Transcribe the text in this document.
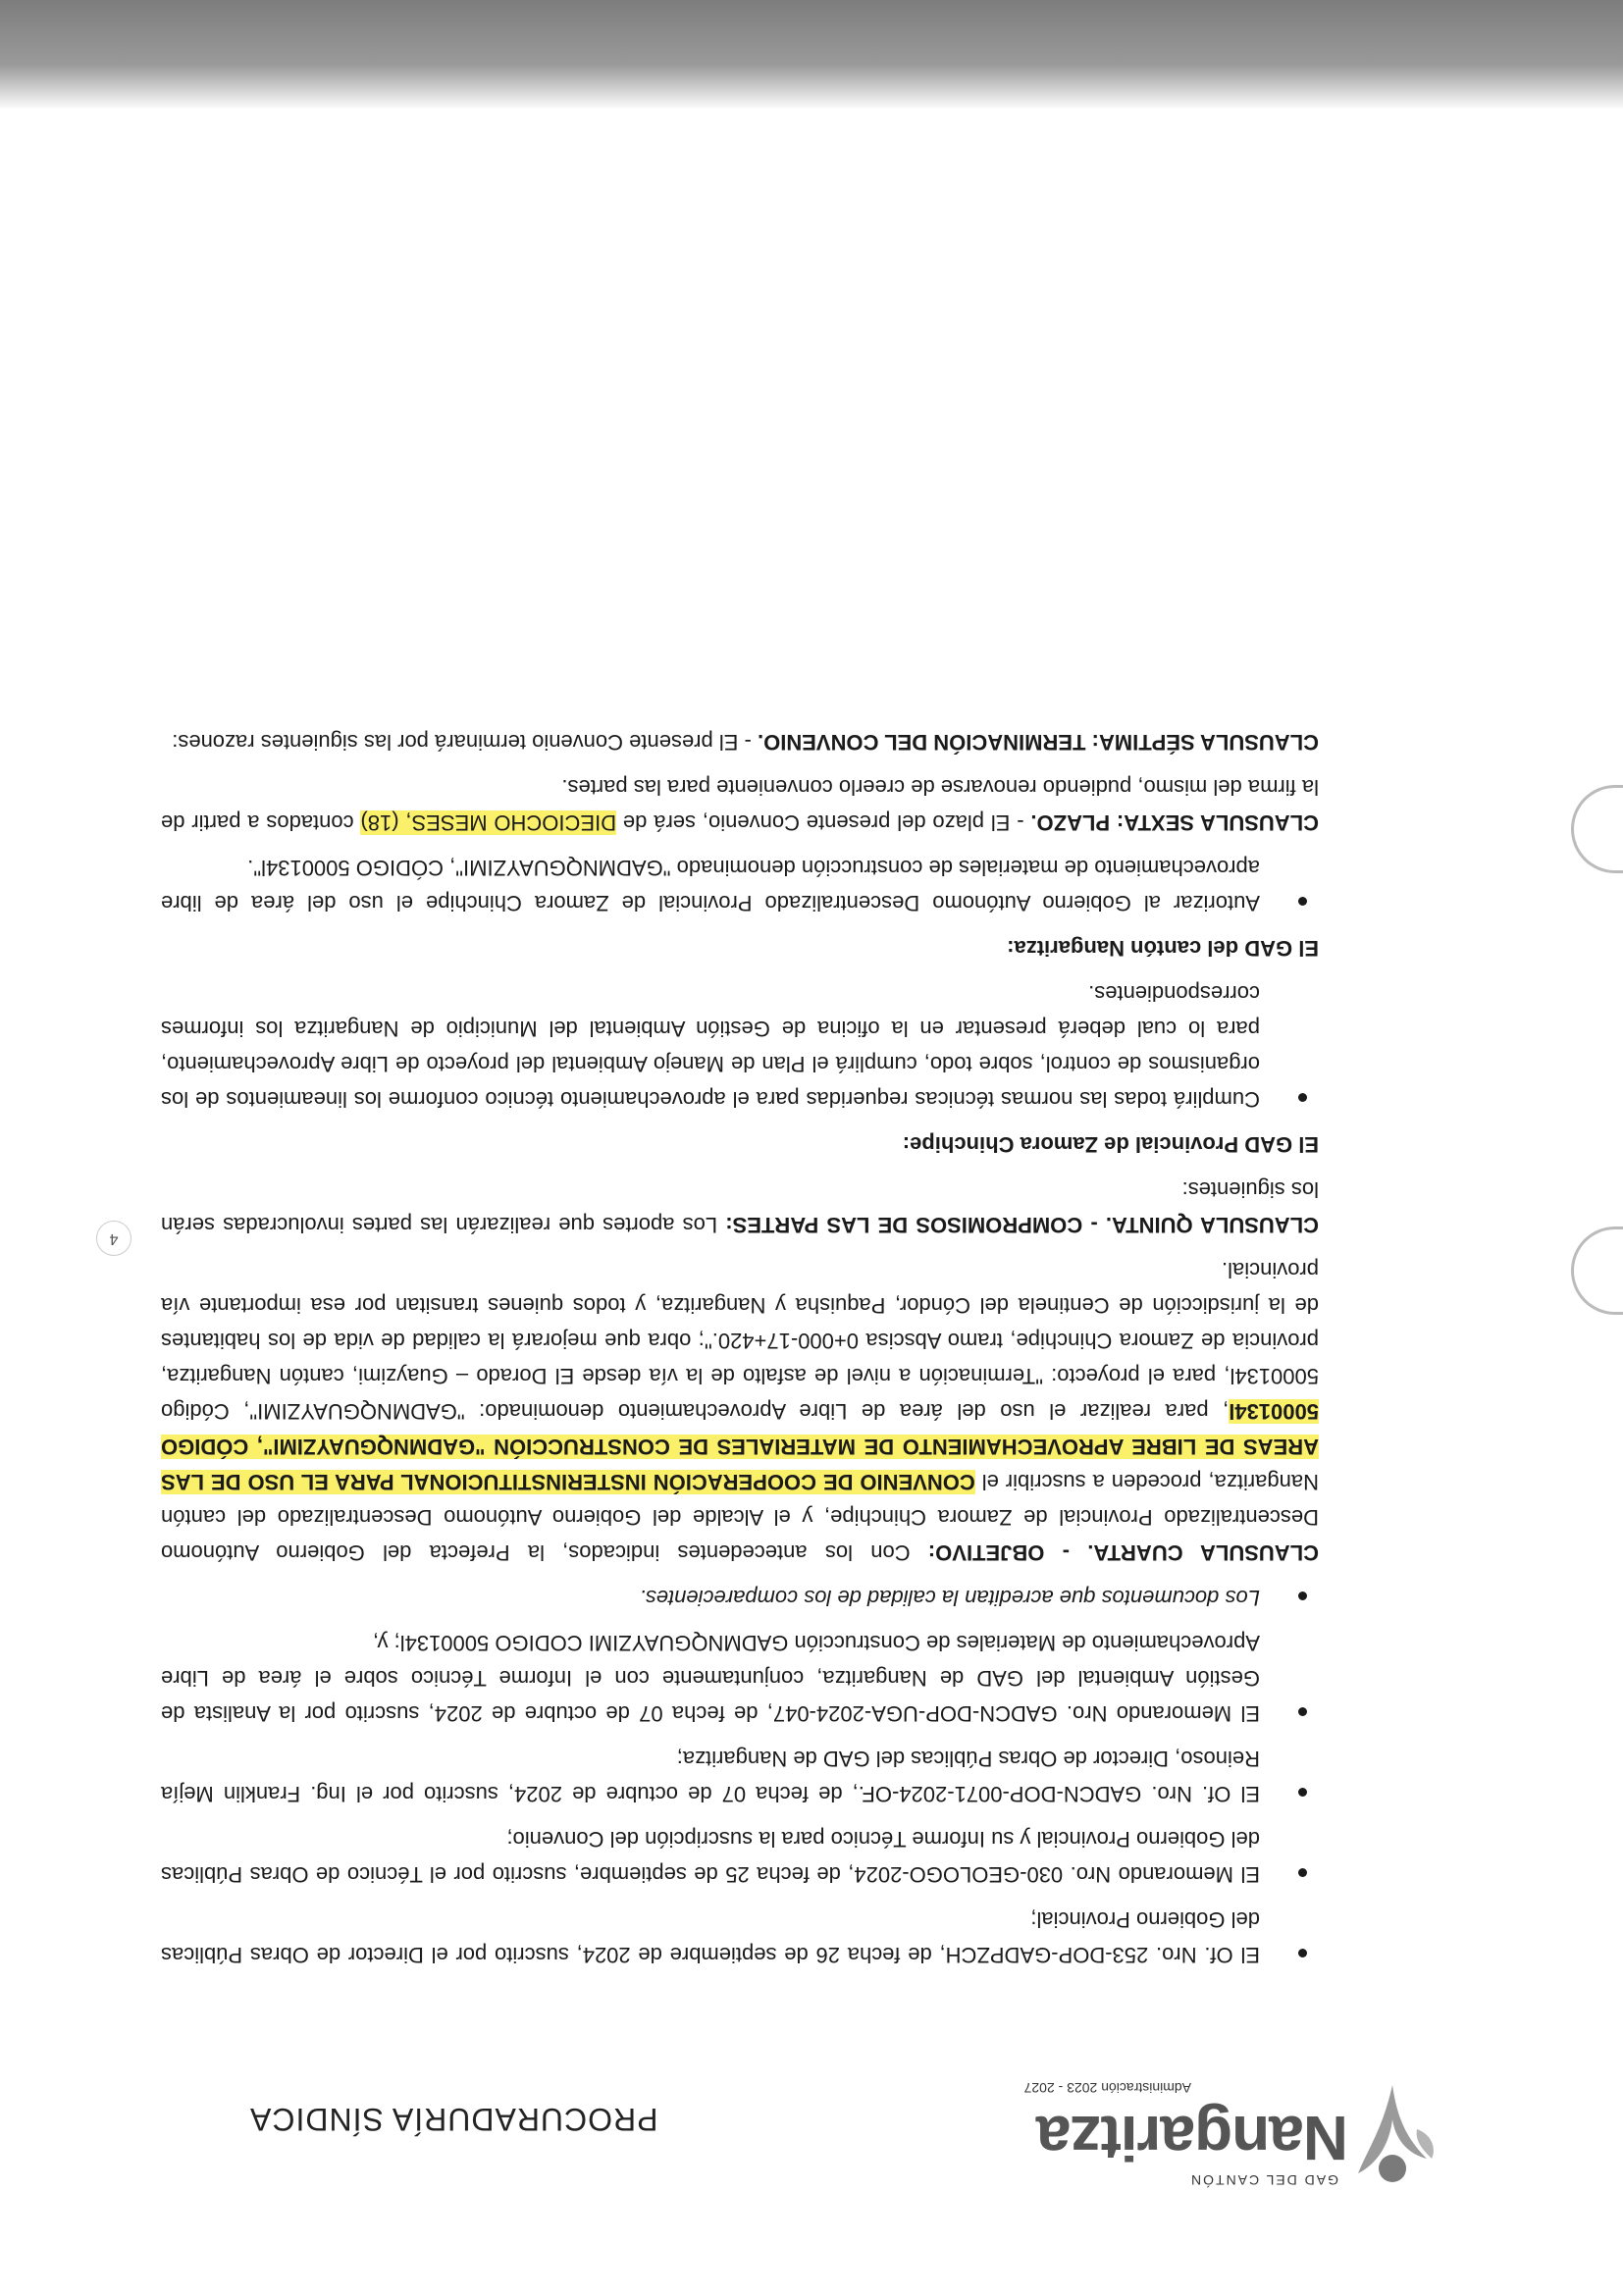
GAD DEL CANTÓN
Nangaritza
Administración 2023 - 2027
PROCURADURÍA SÍNDICA
El Of. Nro. 253-DOP-GADPZCH, de fecha 26 de septiembre de 2024, suscrito por el Director de Obras Públicas del Gobierno Provincial;
El Memorando Nro. 030-GEOLOGO-2024, de fecha 25 de septiembre, suscrito por el Técnico de Obras Públicas del Gobierno Provincial y su Informe Técnico para la suscripción del Convenio;
El Of. Nro. GADCN-DOP-0071-2024-OF., de fecha 07 de octubre de 2024, suscrito por el Ing. Franklin Mejía Reinoso, Director de Obras Públicas del GAD de Nangaritza;
El Memorando Nro. GADCN-DOP-UGA-2024-047, de fecha 07 de octubre de 2024, suscrito por la Analista de Gestión Ambiental del GAD de Nangaritza, conjuntamente con el Informe Técnico sobre el área de Libre Aprovechamiento de Materiales de Construcción GADMNQGUAYZIMI CODIGO 5000134l; y,
Los documentos que acreditan la calidad de los comparecientes.

CLAUSULA CUARTA. - OBJETIVO: Con los antecedentes indicados, la Prefecta del Gobierno Autónomo Descentralizado Provincial de Zamora Chinchipe, y el Alcalde del Gobierno Autónomo Descentralizado del cantón Nangaritza, proceden a suscribir el CONVENIO DE COOPERACIÓN INSTERINSTITUCIONAL PARA EL USO DE LAS AREAS DE LIBRE APROVECHAMIENTO DE MATERIALES DE CONSTRUCCIÓN "GADMNQGUAYZIMI", CÓDIGO 5000134l, para realizar el uso del área de Libre Aprovechamiento denominado: "GADMNQGUAYZIMI", Código 5000134l, para el proyecto: "Terminación a nivel de asfalto de la vía desde El Dorado – Guayzimi, cantón Nangaritza, provincia de Zamora Chinchipe, tramo Abscisa 0+000-17+420."; obra que mejorará la calidad de vida de los habitantes de la jurisdicción de Centinela del Cóndor, Paquisha y Nangaritza, y todos quienes transitan por esa importante vía provincial.

CLAUSULA QUINTA. - COMPROMISOS DE LAS PARTES: Los aportes que realizarán las partes involucradas serán los siguientes:

El GAD Provincial de Zamora Chinchipe:

Cumplirá todas las normas técnicas requeridas para el aprovechamiento técnico conforme los lineamientos de los organismos de control, sobre todo, cumplirá el Plan de Manejo Ambiental del proyecto de Libre Aprovechamiento, para lo cual deberá presentar en la oficina de Gestión Ambiental del Municipio de Nangaritza los informes correspondientes.

El GAD del cantón Nangaritza:

Autorizar al Gobierno Autónomo Descentralizado Provincial de Zamora Chinchipe el uso del área de libre aprovechamiento de materiales de construcción denominado "GADMNQGUAYZIMI", CÓDIGO 5000134l".

CLAUSULA SEXTA: PLAZO. - El plazo del presente Convenio, será de DIECIOCHO MESES, (18) contados a partir de la firma del mismo, pudiendo renovarse de creerlo conveniente para las partes.

CLAUSULA SÉPTIMA: TERMINACIÓN DEL CONVENIO. - El presente Convenio terminará por las siguientes razones:

4
